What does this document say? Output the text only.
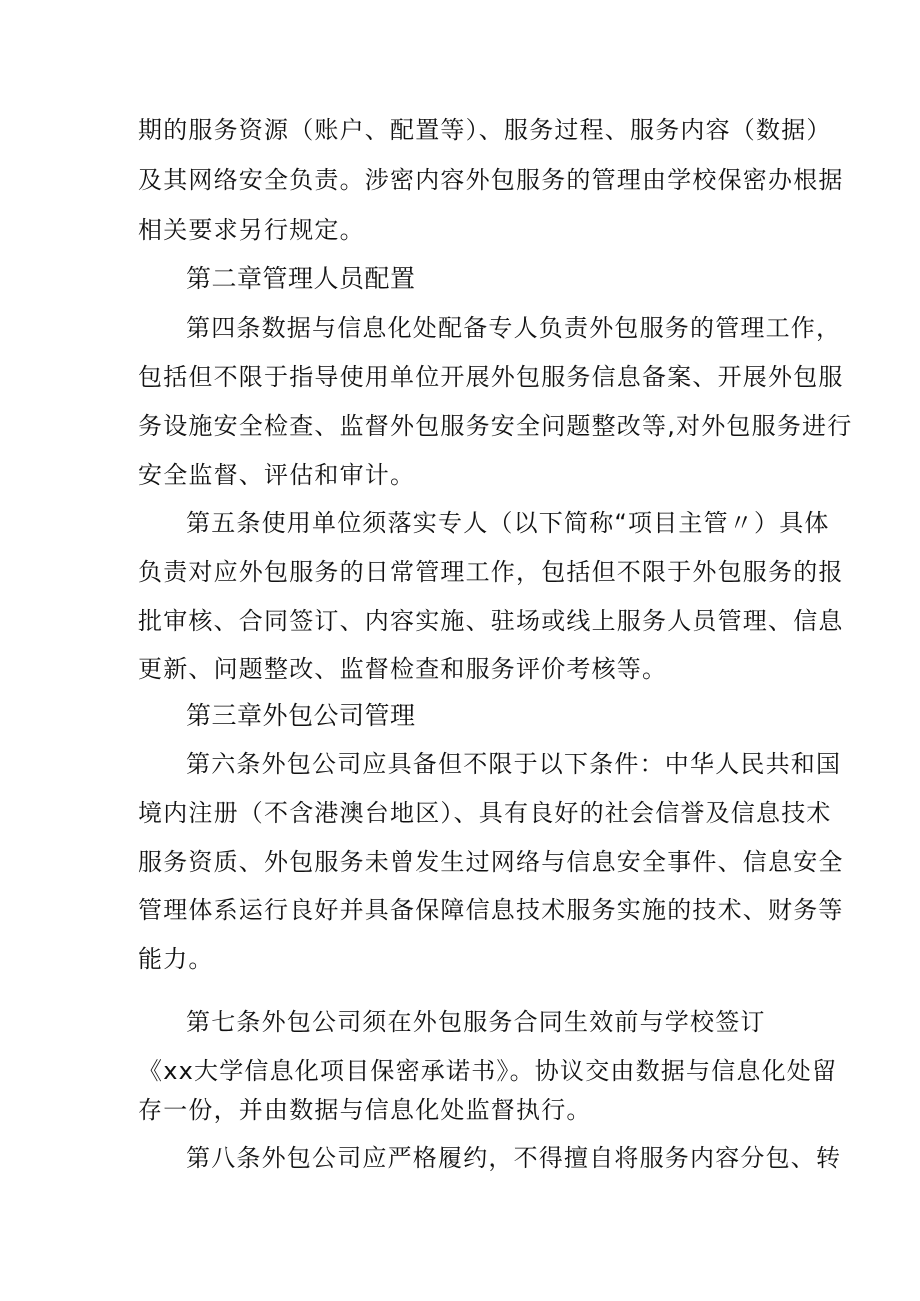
期的服务资源（账户、配置等）、服务过程、服务内容（数据）
及其网络安全负责。涉密内容外包服务的管理由学校保密办根据
相关要求另行规定。
第二章管理人员配置
第四条数据与信息化处配备专人负责外包服务的管理工作，
包括但不限于指导使用单位开展外包服务信息备案、开展外包服
务设施安全检查、监督外包服务安全问题整改等,对外包服务进行
安全监督、评估和审计。
第五条使用单位须落实专人（以下简称“项目主管〃）具体
负责对应外包服务的日常管理工作，包括但不限于外包服务的报
批审核、合同签订、内容实施、驻场或线上服务人员管理、信息
更新、问题整改、监督检查和服务评价考核等。
第三章外包公司管理
第六条外包公司应具备但不限于以下条件：中华人民共和国
境内注册（不含港澳台地区）、具有良好的社会信誉及信息技术
服务资质、外包服务未曾发生过网络与信息安全事件、信息安全
管理体系运行良好并具备保障信息技术服务实施的技术、财务等
能力。
第七条外包公司须在外包服务合同生效前与学校签订
《xx大学信息化项目保密承诺书》。协议交由数据与信息化处留
存一份，并由数据与信息化处监督执行。
第八条外包公司应严格履约，不得擅自将服务内容分包、转
